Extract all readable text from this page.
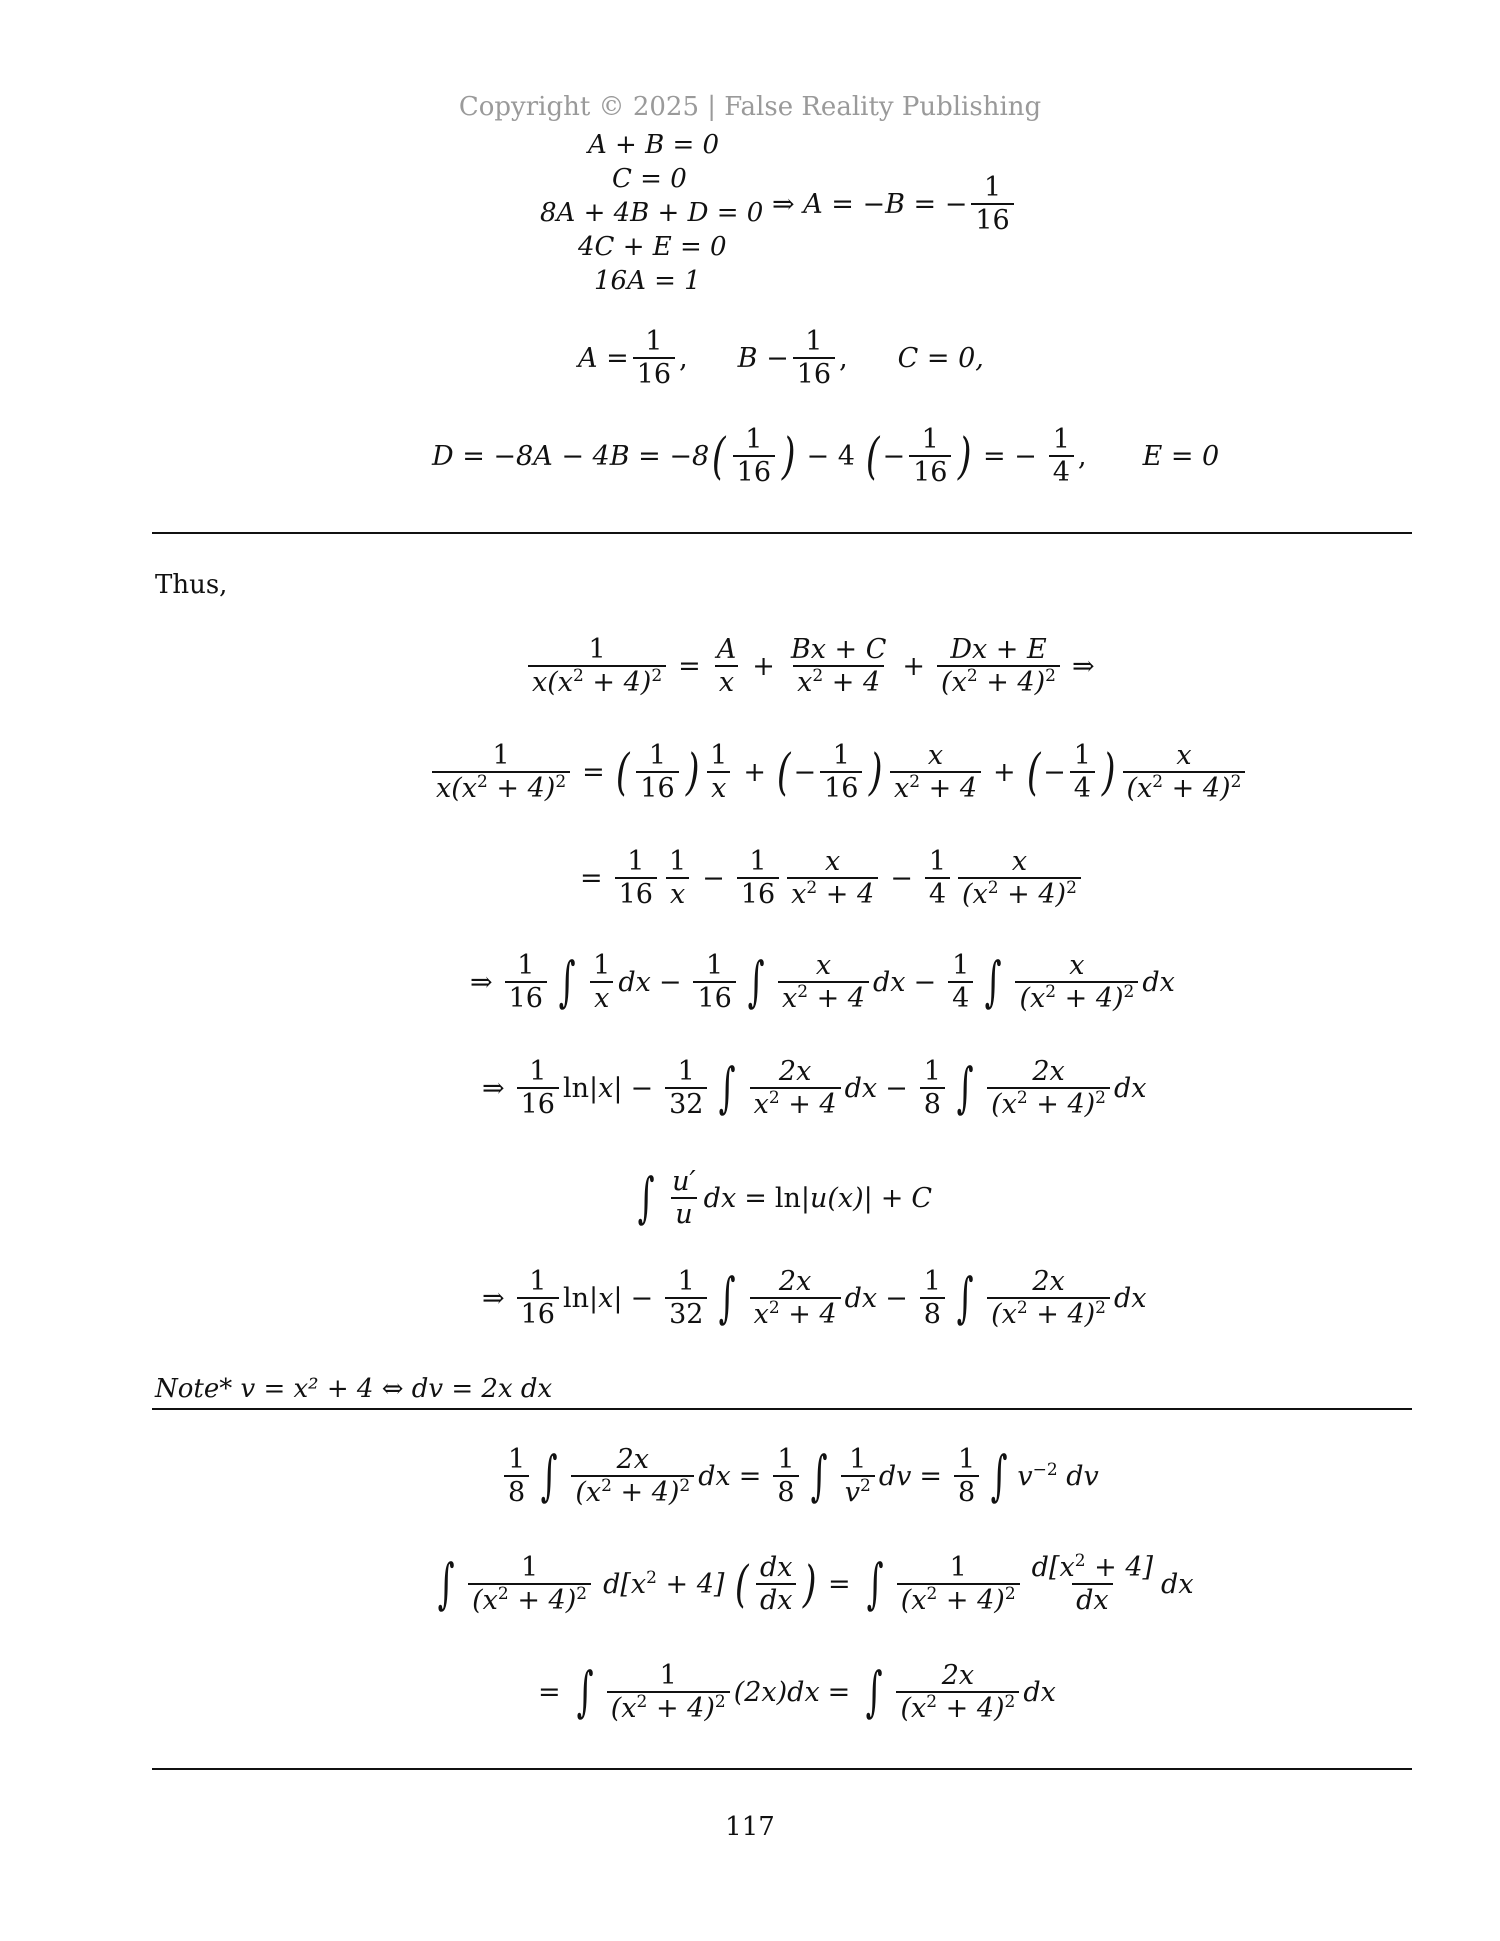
Copyright © 2025 | False Reality Publishing
A + B = 0
C = 0
8A + 4B + D = 0
4C + E = 0
16A = 1
⇒ A = −B = − $\frac{1}{16}$
$A = \frac{1}{16}$ , $B - \frac{1}{16}$ , C = 0,
D = −8A − 4B = −8 ( $\frac{1}{16}$ ) − 4 ( − $\frac{1}{16}$ ) = − $\frac{1}{4}$ , E = 0
Thus,
$\frac{1}{x(x^2 + 4)^2} = \frac{A}{x} + \frac{Bx + C}{x^2 + 4} + \frac{Dx + E}{(x^2 + 4)^2}$ ⇒
$\frac{1}{x(x^2 + 4)^2}$ = ( $\frac{1}{16}$ ) $\frac{1}{x}$ + ( − $\frac{1}{16}$ ) $\frac{x}{x^2 + 4}$ + ( − $\frac{1}{4}$ ) $\frac{x}{(x^2 + 4)^2}$
= $\frac{1}{16} \frac{1}{x} - \frac{1}{16} \frac{x}{x^2 + 4} - \frac{1}{4} \frac{x}{(x^2 + 4)^2}$
⇒ $\frac{1}{16}$ ∫ $\frac{1}{x}$ dx − $\frac{1}{16}$ ∫ $\frac{x}{x^2 + 4}$ dx − $\frac{1}{4}$ ∫ $\frac{x}{(x^2 + 4)^2}$ dx
⇒ $\frac{1}{16} \ln|$ x | − $\frac{1}{32}$ ∫ $\frac{2x}{x^2 + 4}$ dx − $\frac{1}{8}$ ∫ $\frac{2x}{(x^2 + 4)^2}$ dx
∫ $\frac{u'}{u}$ dx = ln| u(x) | + C
⇒ $\frac{1}{16} \ln|$ x | − $\frac{1}{32}$ ∫ $\frac{2x}{x^2 + 4}$ dx − $\frac{1}{8}$ ∫ $\frac{2x}{(x^2 + 4)^2}$ dx
Note* v = x² + 4 ⇔ dv = 2x dx
$\frac{1}{8}$ ∫ $\frac{2x}{(x^2 + 4)^2}$ dx = $\frac{1}{8}$ ∫ $\frac{1}{v^2}$ dv = $\frac{1}{8}$ ∫ $v^{-2}$ dv
∫ $\frac{1}{(x^2 + 4)^2} d[x^2 + 4]$ ( $\frac{dx}{dx}$ ) = ∫ $\frac{1}{(x^2 + 4)^2} \frac{d[x^2 + 4]}{dx}$ dx
= ∫ $\frac{1}{(x^2 + 4)^2} (2x)dx$ = ∫ $\frac{2x}{(x^2 + 4)^2}$ dx
117
